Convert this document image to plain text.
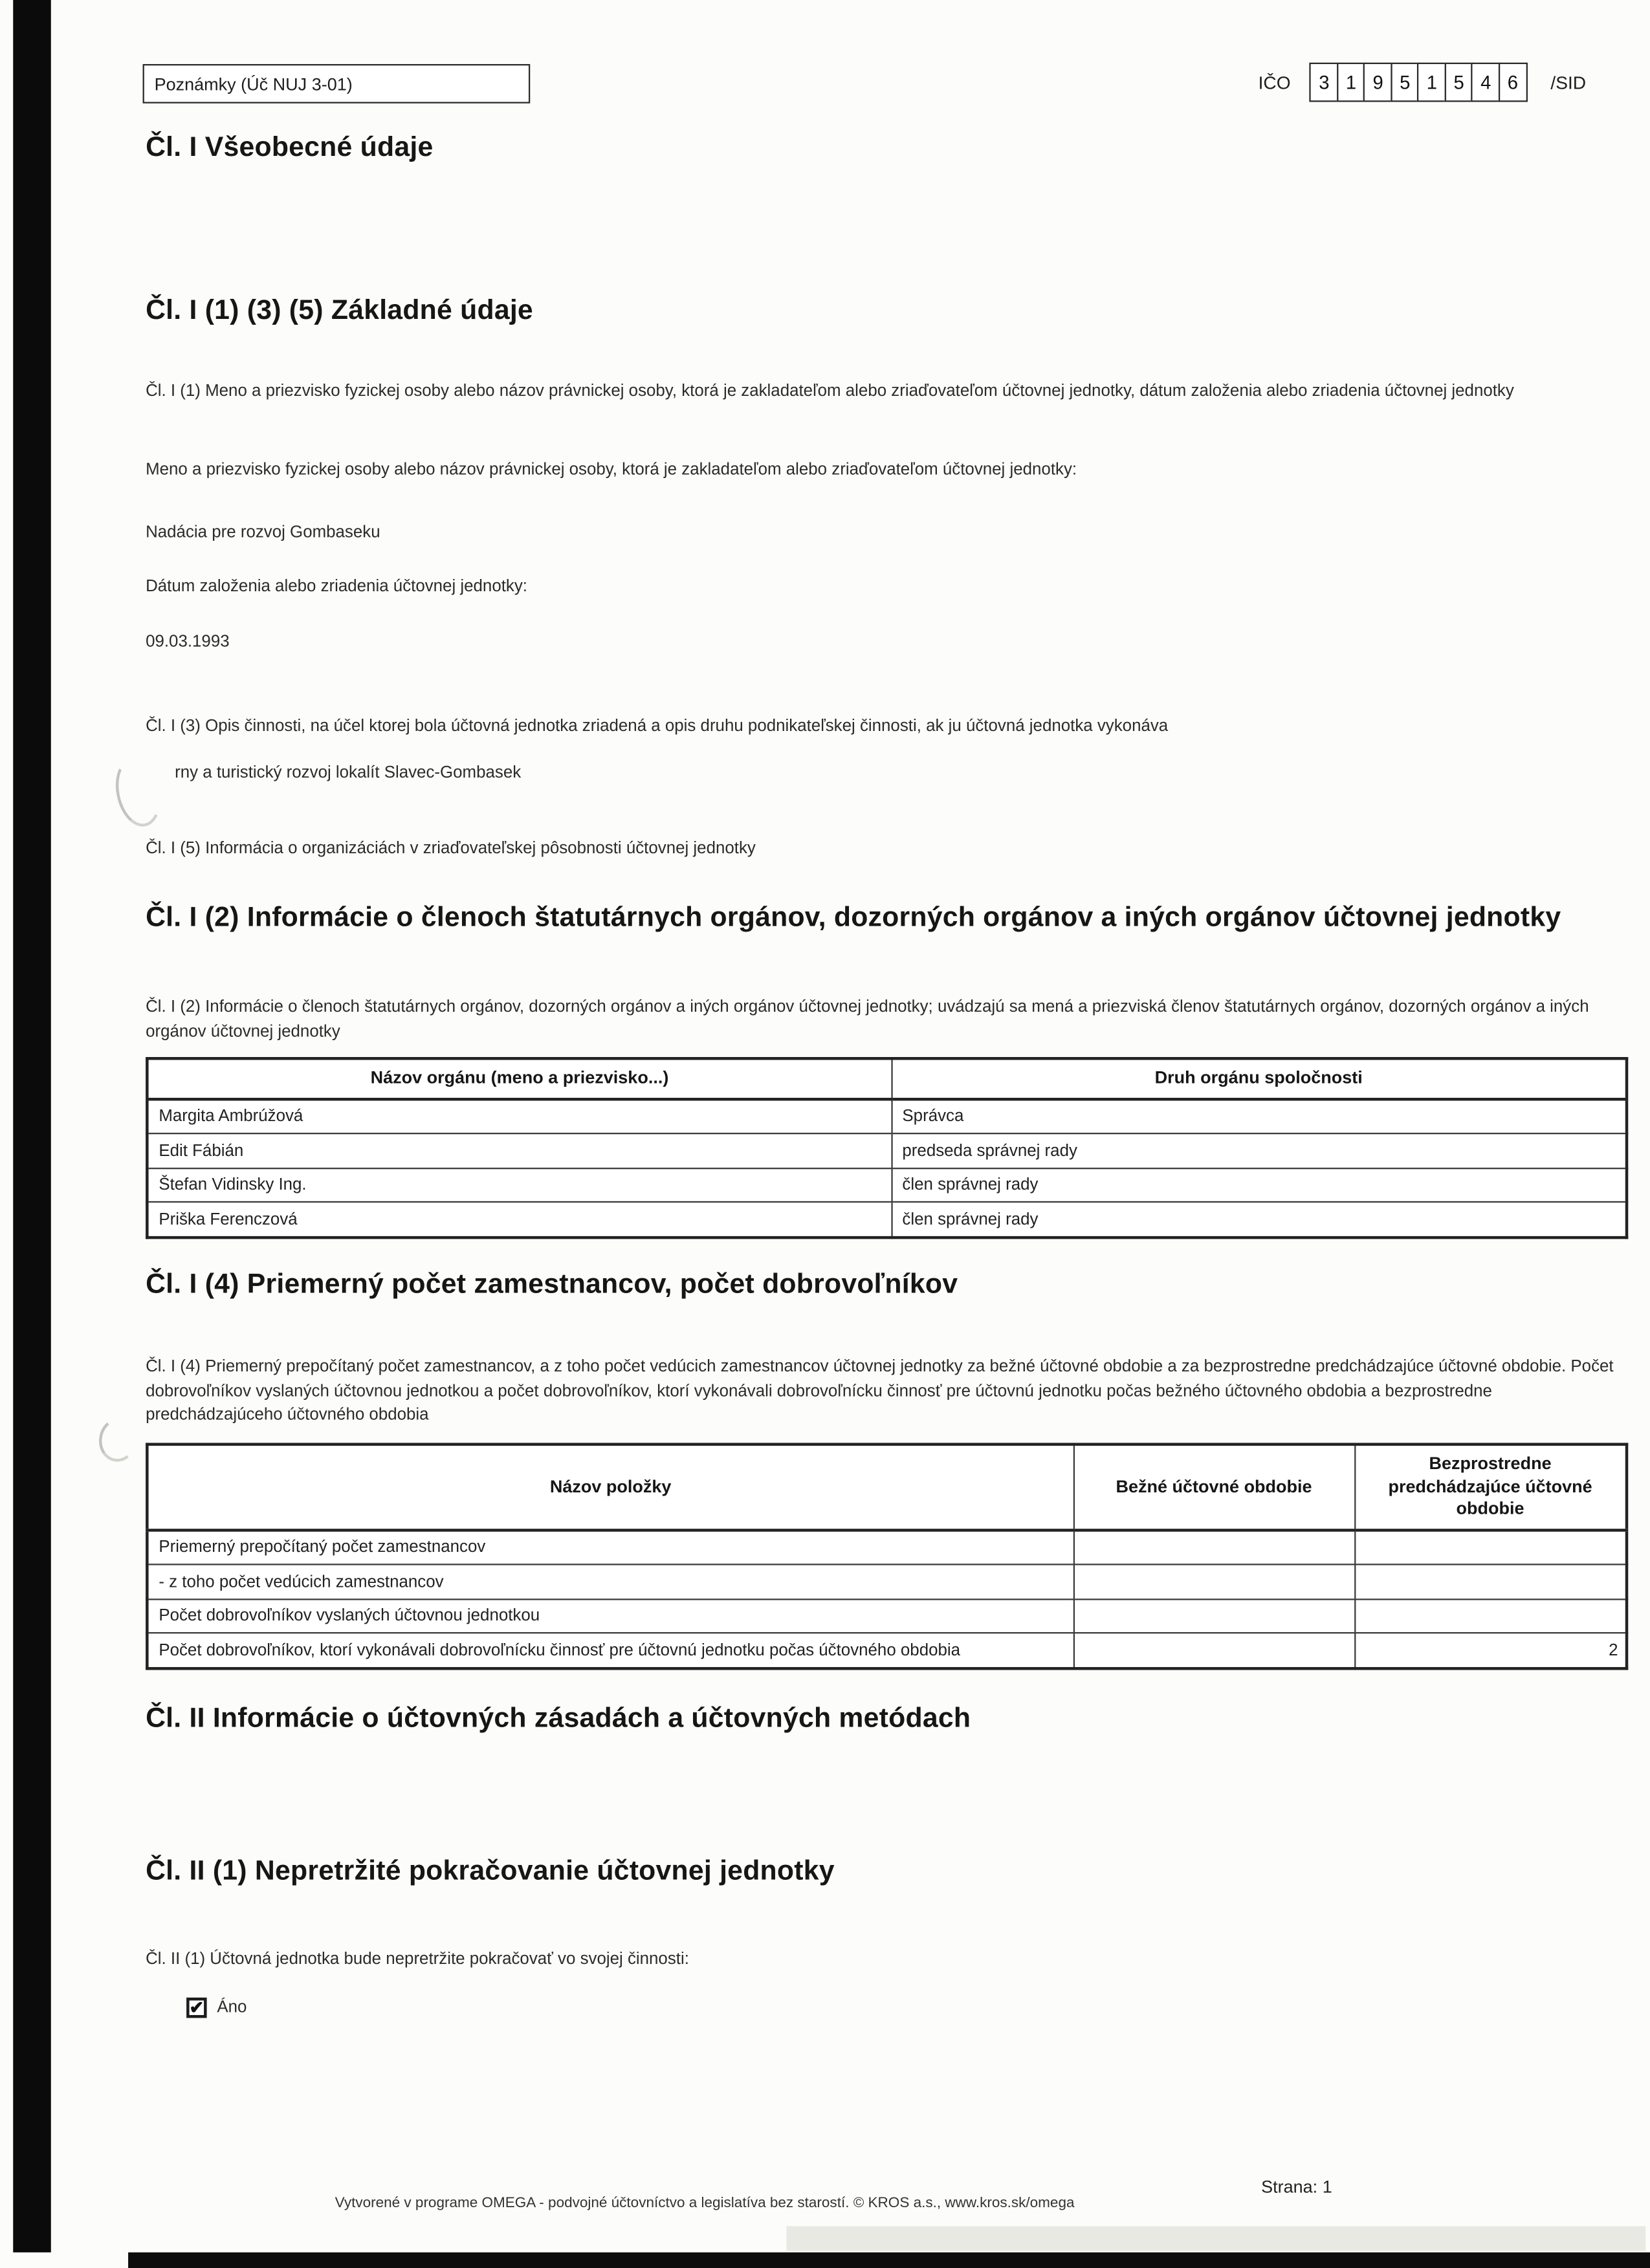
Poznámky (Úč NUJ 3-01)	IČO	3	1	9	5	1	5	4	6	/SID
Čl. I Všeobecné údaje
Čl. I (1) (3) (5) Základné údaje

Čl. I (1) Meno a priezvisko fyzickej osoby alebo názov právnickej osoby, ktorá je zakladateľom alebo zriaďovateľom účtovnej jednotky, dátum založenia alebo zriadenia účtovnej jednotky

Meno a priezvisko fyzickej osoby alebo názov právnickej osoby, ktorá je zakladateľom alebo zriaďovateľom účtovnej jednotky:

Nadácia pre rozvoj Gombaseku

Dátum založenia alebo zriadenia účtovnej jednotky:

09.03.1993

Čl. I (3) Opis činnosti, na účel ktorej bola účtovná jednotka zriadená a opis druhu podnikateľskej činnosti, ak ju účtovná jednotka vykonáva

rny a turistický rozvoj lokalít Slavec-Gombasek

Čl. I (5) Informácia o organizáciách v zriaďovateľskej pôsobnosti účtovnej jednotky

Čl. I (2) Informácie o členoch štatutárnych orgánov, dozorných orgánov a iných orgánov účtovnej jednotky

Čl. I (2) Informácie o členoch štatutárnych orgánov, dozorných orgánov a iných orgánov účtovnej jednotky; uvádzajú sa mená a priezviská členov štatutárnych orgánov, dozorných orgánov a iných orgánov účtovnej jednotky

Názov orgánu (meno a priezvisko...)	Druh orgánu spoločnosti
Margita Ambrúžová	Správca
Edit Fábián	predseda správnej rady
Štefan Vidinsky Ing.	člen správnej rady
Priška Ferenczová	člen správnej rady
Čl. I (4) Priemerný počet zamestnancov, počet dobrovoľníkov

Čl. I (4) Priemerný prepočítaný počet zamestnancov, a z toho počet vedúcich zamestnancov účtovnej jednotky za bežné účtovné obdobie a za bezprostredne predchádzajúce účtovné obdobie. Počet dobrovoľníkov vyslaných účtovnou jednotkou a počet dobrovoľníkov, ktorí vykonávali dobrovoľnícku činnosť pre účtovnú jednotku počas bežného účtovného obdobia a bezprostredne predchádzajúceho účtovného obdobia

Názov položky	Bežné účtovné obdobie	Bezprostredne predchádzajúce účtovné obdobie
Priemerný prepočítaný počet zamestnancov		
- z toho počet vedúcich zamestnancov		
Počet dobrovoľníkov vyslaných účtovnou jednotkou		
Počet dobrovoľníkov, ktorí vykonávali dobrovoľnícku činnosť pre účtovnú jednotku počas účtovného obdobia		2
Čl. II Informácie o účtovných zásadách a účtovných metódach
Čl. II (1) Nepretržité pokračovanie účtovnej jednotky

Čl. II (1) Účtovná jednotka bude nepretržite pokračovať vo svojej činnosti:

✔ Áno
Vytvorené v programe OMEGA - podvojné účtovníctvo a legislatíva bez starostí. © KROS a.s., www.kros.sk/omega
Strana: 1
